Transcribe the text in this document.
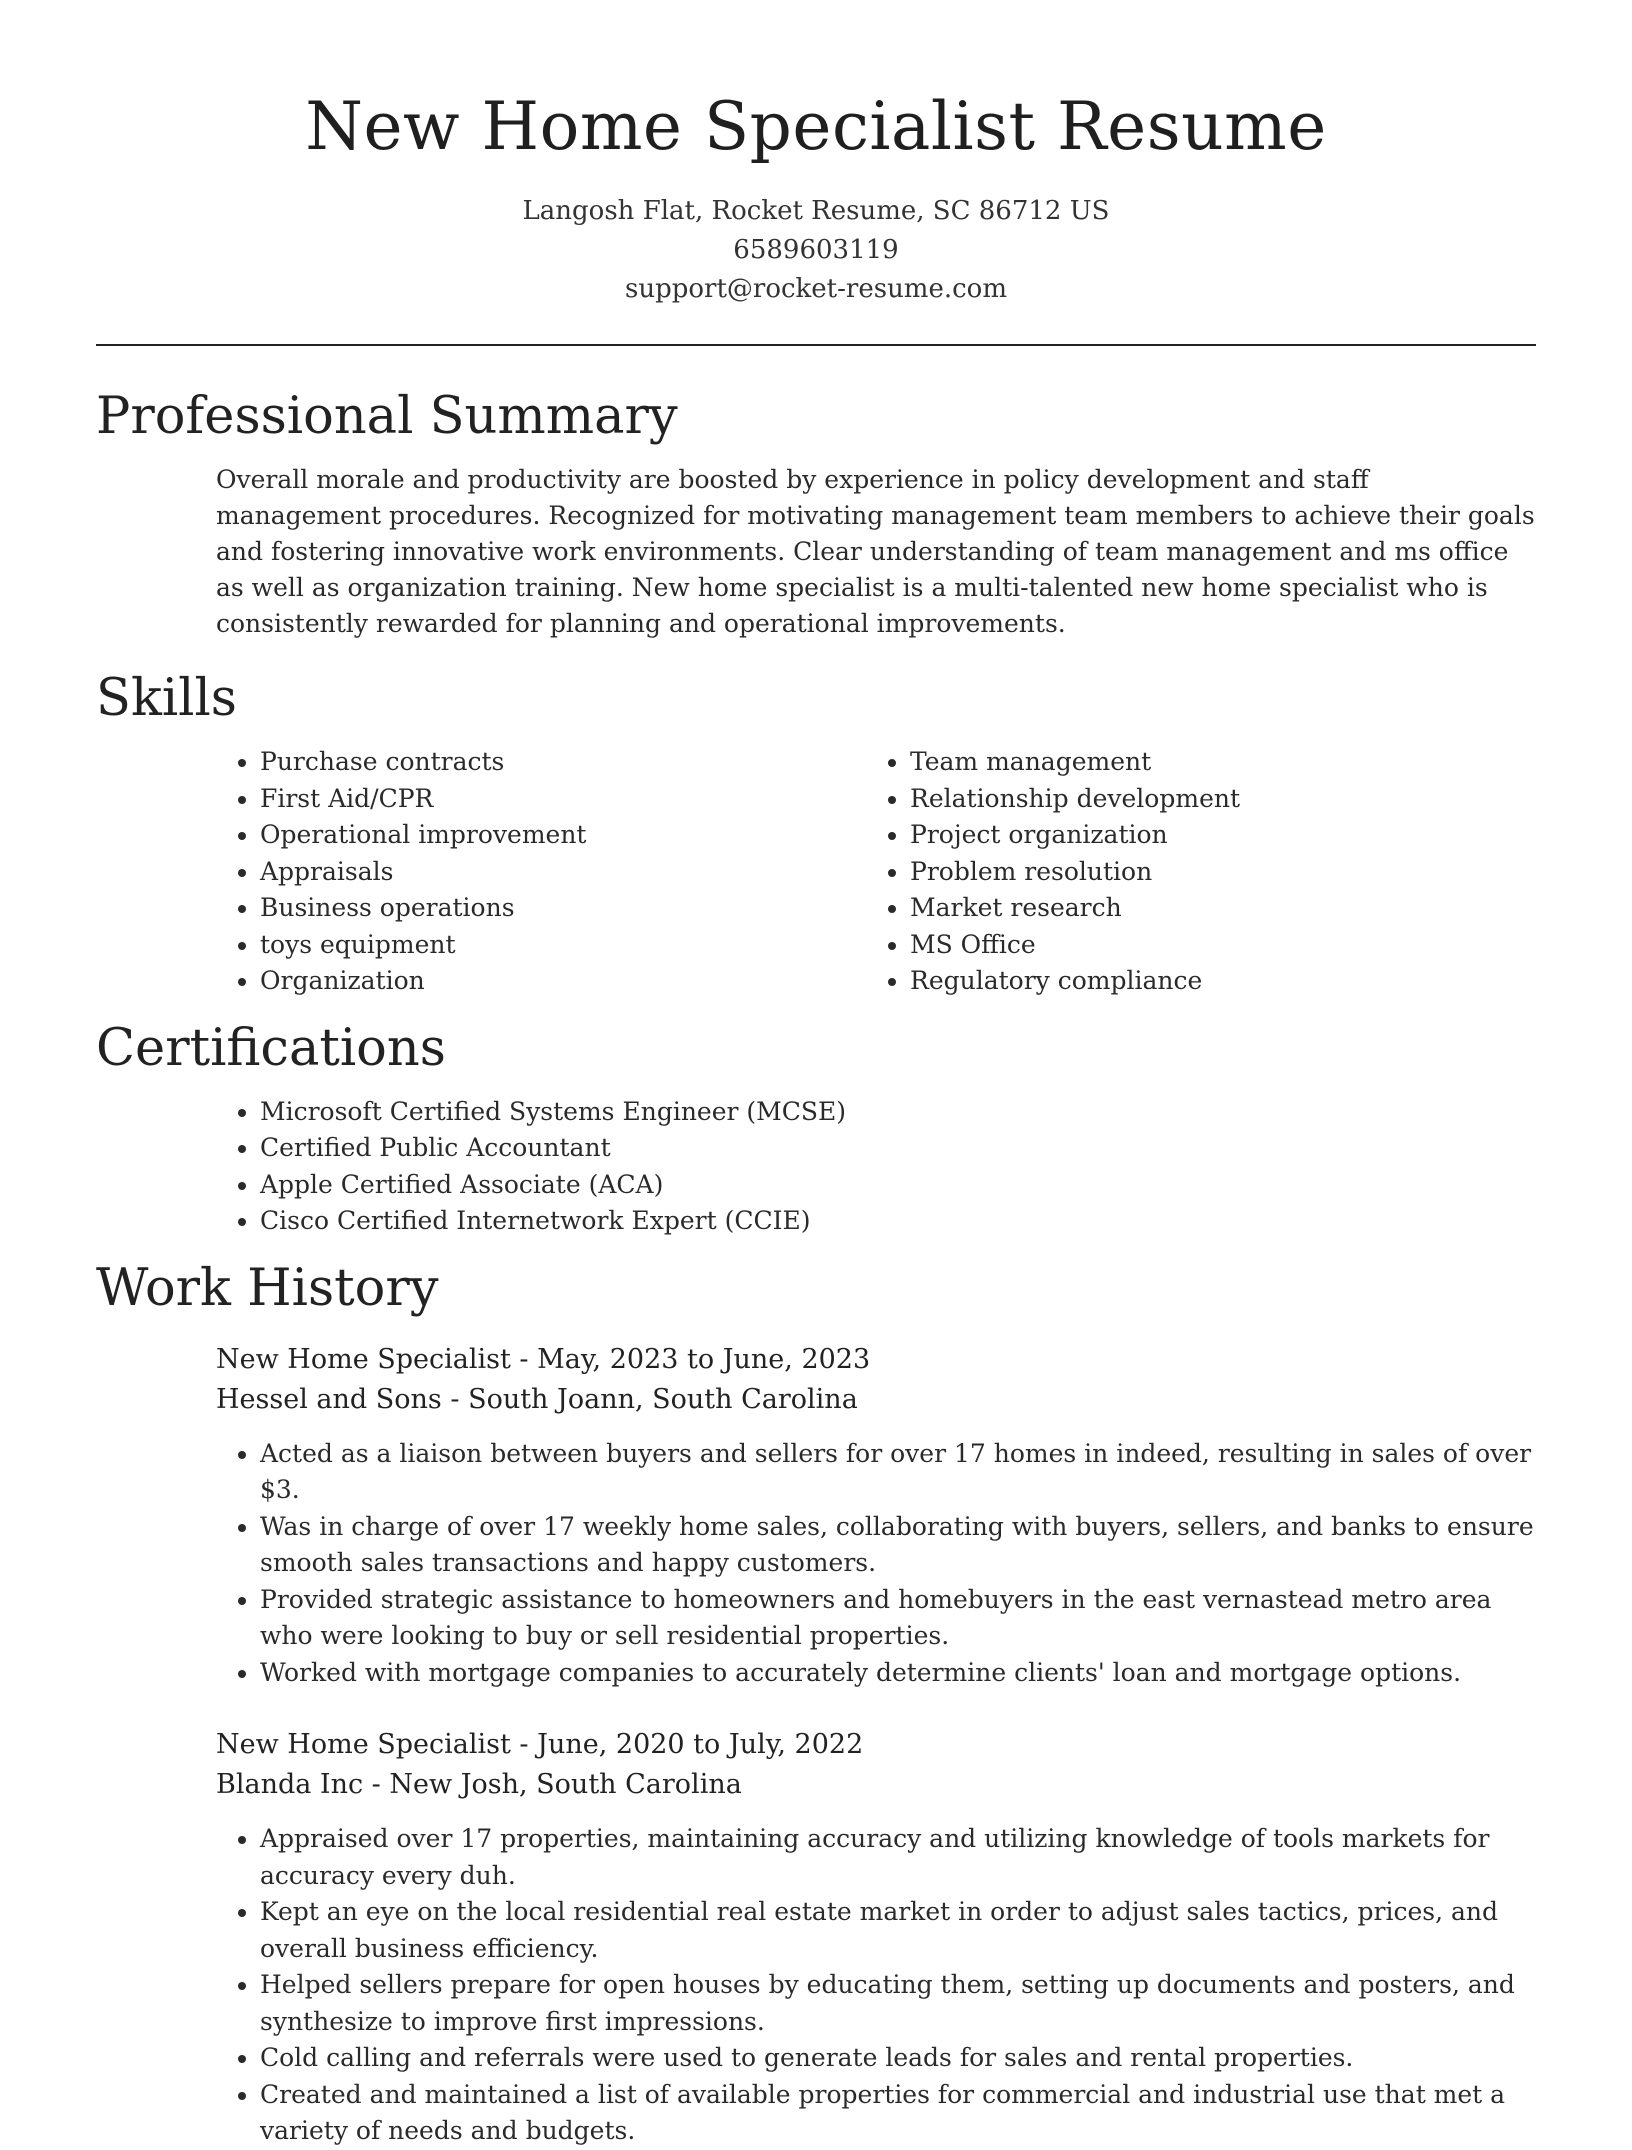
New Home Specialist Resume
Langosh Flat, Rocket Resume, SC 86712 US
6589603119
support@rocket-resume.com
Professional Summary

Overall morale and productivity are boosted by experience in policy development and staff management procedures. Recognized for motivating management team members to achieve their goals and fostering innovative work environments. Clear understanding of team management and ms office as well as organization training. New home specialist is a multi-talented new home specialist who is consistently rewarded for planning and operational improvements.

Skills
• Purchase contracts
• First Aid/CPR
• Operational improvement
• Appraisals
• Business operations
• toys equipment
• Organization
• Team management
• Relationship development
• Project organization
• Problem resolution
• Market research
• MS Office
• Regulatory compliance
Certifications
• Microsoft Certified Systems Engineer (MCSE)
• Certified Public Accountant
• Apple Certified Associate (ACA)
• Cisco Certified Internetwork Expert (CCIE)
Work History
New Home Specialist - May, 2023 to June, 2023
Hessel and Sons - South Joann, South Carolina
• Acted as a liaison between buyers and sellers for over 17 homes in indeed, resulting in sales of over $3.
• Was in charge of over 17 weekly home sales, collaborating with buyers, sellers, and banks to ensure smooth sales transactions and happy customers.
• Provided strategic assistance to homeowners and homebuyers in the east vernastead metro area who were looking to buy or sell residential properties.
• Worked with mortgage companies to accurately determine clients' loan and mortgage options.
New Home Specialist - June, 2020 to July, 2022
Blanda Inc - New Josh, South Carolina
• Appraised over 17 properties, maintaining accuracy and utilizing knowledge of tools markets for accuracy every duh.
• Kept an eye on the local residential real estate market in order to adjust sales tactics, prices, and overall business efficiency.
• Helped sellers prepare for open houses by educating them, setting up documents and posters, and synthesize to improve first impressions.
• Cold calling and referrals were used to generate leads for sales and rental properties.
• Created and maintained a list of available properties for commercial and industrial use that met a variety of needs and budgets.
